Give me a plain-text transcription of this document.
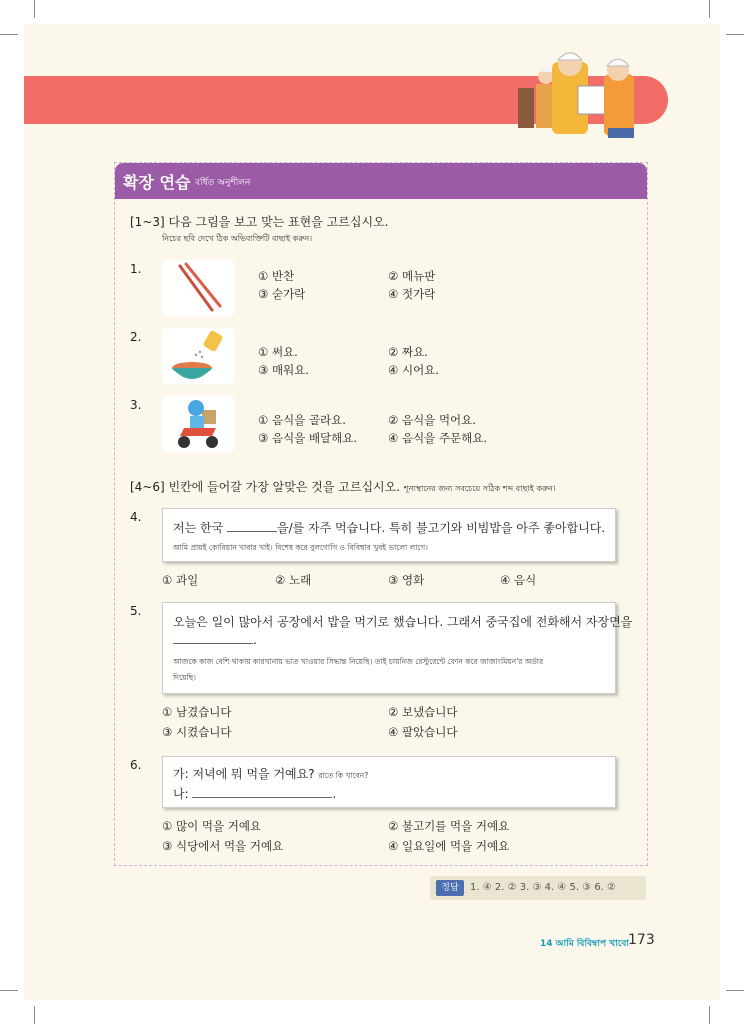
확장 연습 বর্ধিত অনুশীলন
[1~3] 다음 그림을 보고 맞는 표현을 고르십시오.
নিচের ছবি দেখে ঠিক অভিব্যক্তিটি বাছাই করুন।
1.	① 반찬	② 메뉴판
③ 숟가락	④ 젓가락
2.
① 써요.	② 짜요.
③ 매워요.	④ 시어요.
3.
① 음식을 골라요.	② 음식을 먹어요.
③ 음식을 배달해요.	④ 음식을 주문해요.
[4~6] 빈칸에 들어갈 가장 알맞은 것을 고르십시오. শূন্যস্থানের জন্য সবচেয়ে সঠিক শব্দ বাছাই করুন।
4.
저는 한국	을/를 자주 먹습니다. 특히 불고기와 비빔밥을 아주 좋아합니다.
আমি প্রায়ই কোরিয়ান খাবার খাই। বিশেষ করে বুলগোগি ও বিবিম্বাব খুবই ভালো লাগে।
① 과일	② 노래	③ 영화	④ 음식
5.
오늘은 일이 많아서 공장에서 밥을 먹기로 했습니다. 그래서 중국집에 전화해서 자장면을
.
আজকে কাজ বেশি থাকায় কারখানায় ভাত খাওয়ার সিদ্ধান্ত নিয়েছি। তাই চায়নিজ রেস্টুরেন্টে ফোন করে জাজাংমিয়ন'র অর্ডার
দিয়েছি।
① 남겼습니다	② 보냈습니다
③ 시켰습니다	④ 팔았습니다
6.
가: 저녁에 뭐 먹을 거예요? রাতে কি খাবেন?
나:	.
① 많이 먹을 거예요	② 불고기를 먹을 거예요
③ 식당에서 먹을 거예요	④ 일요일에 먹을 거예요
정답	1. ④ 2. ② 3. ③ 4. ④ 5. ③ 6. ②
14 আমি বিবিম্বাপ খাবো 173
